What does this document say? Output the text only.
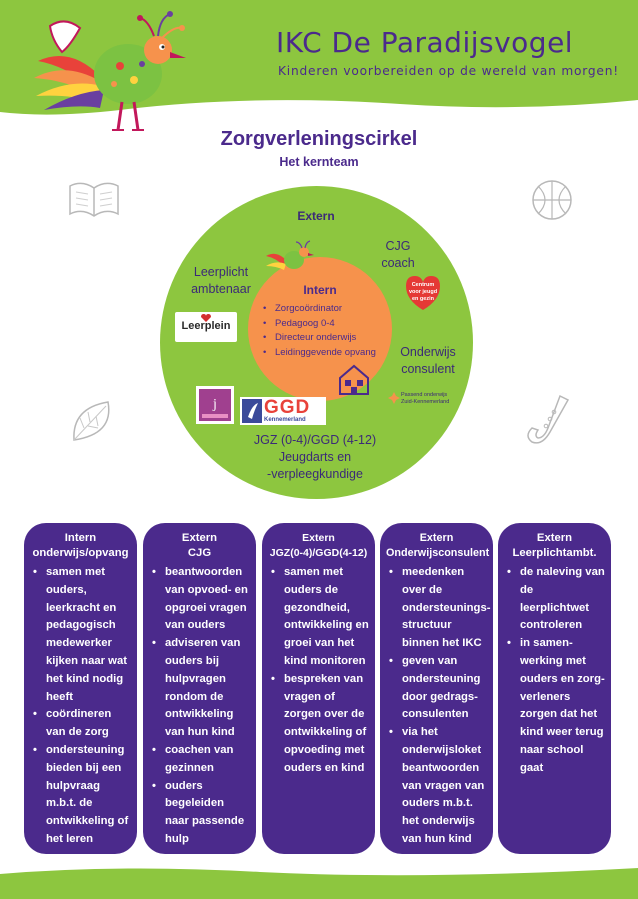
IKC De Paradijsvogel
Kinderen voorbereiden op de wereld van morgen!
Zorgverleningscirkel
Het kernteam
Extern
CJG
coach
Leerplicht
ambtenaar
Onderwijs
consulent
JGZ (0-4)/GGD (4-12)
Jeugdarts en
-verpleegkundige
Intern
• Zorgcoördinator
• Pedagoog 0-4
• Directeur onderwijs
• Leidinggevende opvang
Leerplein
Centrum voor jeugd en gezin
j GGD
Kennemerland
Passend onderwijs
Zuid-Kennemerland
Intern
onderwijs/opvang
• samen met ouders, leerkracht en pedagogisch medewerker kijken naar wat het kind nodig heeft
• coördineren van de zorg
• ondersteuning bieden bij een hulpvraag m.b.t. de ontwikkeling of het leren
Extern
CJG
• beantwoorden van opvoed- en opgroei vragen van ouders
• adviseren van ouders bij hulpvragen rondom de ontwikkeling van hun kind
• coachen van gezinnen
• ouders begeleiden naar passende hulp
Extern
JGZ(0-4)/GGD(4-12)
• samen met ouders de gezondheid, ontwikkeling en groei van het kind monitoren
• bespreken van vragen of zorgen over de ontwikkeling of opvoeding met ouders en kind
Extern
Onderwijsconsulent
• meedenken over de ondersteunings-structuur binnen het IKC
• geven van ondersteuning door gedrags-consulenten
• via het onderwijsloket beantwoorden van vragen van ouders m.b.t. het onderwijs van hun kind
Extern
Leerplichtambt.
• de naleving van de leerplichtwet controleren
• in samen-werking met ouders en zorg-verleners zorgen dat het kind weer terug naar school gaat
